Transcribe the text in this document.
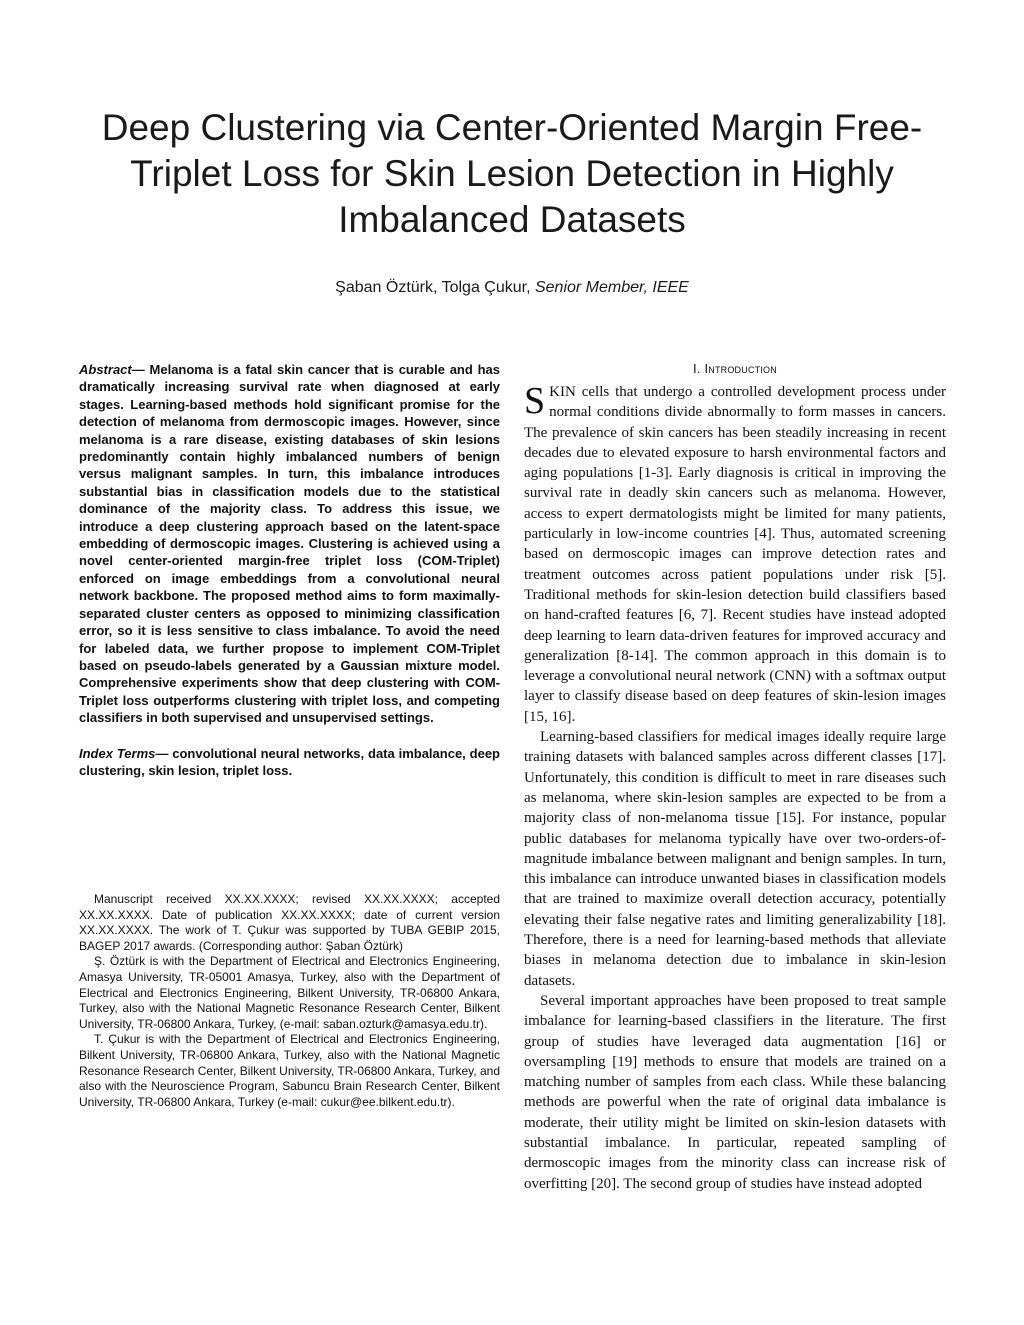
Deep Clustering via Center-Oriented Margin Free-Triplet Loss for Skin Lesion Detection in Highly Imbalanced Datasets
Şaban Öztürk, Tolga Çukur, Senior Member, IEEE

Abstract— Melanoma is a fatal skin cancer that is curable and has dramatically increasing survival rate when diagnosed at early stages. Learning-based methods hold significant promise for the detection of melanoma from dermoscopic images. However, since melanoma is a rare disease, existing databases of skin lesions predominantly contain highly imbalanced numbers of benign versus malignant samples. In turn, this imbalance introduces substantial bias in classification models due to the statistical dominance of the majority class. To address this issue, we introduce a deep clustering approach based on the latent-space embedding of dermoscopic images. Clustering is achieved using a novel center-oriented margin-free triplet loss (COM-Triplet) enforced on image embeddings from a convolutional neural network backbone. The proposed method aims to form maximally-separated cluster centers as opposed to minimizing classification error, so it is less sensitive to class imbalance. To avoid the need for labeled data, we further propose to implement COM-Triplet based on pseudo-labels generated by a Gaussian mixture model. Comprehensive experiments show that deep clustering with COM-Triplet loss outperforms clustering with triplet loss, and competing classifiers in both supervised and unsupervised settings.

Index Terms— convolutional neural networks, data imbalance, deep clustering, skin lesion, triplet loss.

Manuscript received XX.XX.XXXX; revised XX.XX.XXXX; accepted XX.XX.XXXX. Date of publication XX.XX.XXXX; date of current version XX.XX.XXXX. The work of T. Çukur was supported by TUBA GEBIP 2015, BAGEP 2017 awards. (Corresponding author: Şaban Öztürk)

Ş. Öztürk is with the Department of Electrical and Electronics Engineering, Amasya University, TR-05001 Amasya, Turkey, also with the Department of Electrical and Electronics Engineering, Bilkent University, TR-06800 Ankara, Turkey, also with the National Magnetic Resonance Research Center, Bilkent University, TR-06800 Ankara, Turkey, (e-mail: saban.ozturk@amasya.edu.tr).

T. Çukur is with the Department of Electrical and Electronics Engineering, Bilkent University, TR-06800 Ankara, Turkey, also with the National Magnetic Resonance Research Center, Bilkent University, TR-06800 Ankara, Turkey, and also with the Neuroscience Program, Sabuncu Brain Research Center, Bilkent University, TR-06800 Ankara, Turkey (e-mail: cukur@ee.bilkent.edu.tr).

I. Introduction

SKIN cells that undergo a controlled development process under normal conditions divide abnormally to form masses in cancers. The prevalence of skin cancers has been steadily increasing in recent decades due to elevated exposure to harsh environmental factors and aging populations [1-3]. Early diagnosis is critical in improving the survival rate in deadly skin cancers such as melanoma. However, access to expert dermatologists might be limited for many patients, particularly in low-income countries [4]. Thus, automated screening based on dermoscopic images can improve detection rates and treatment outcomes across patient populations under risk [5]. Traditional methods for skin-lesion detection build classifiers based on hand-crafted features [6, 7]. Recent studies have instead adopted deep learning to learn data-driven features for improved accuracy and generalization [8-14]. The common approach in this domain is to leverage a convolutional neural network (CNN) with a softmax output layer to classify disease based on deep features of skin-lesion images [15, 16].

Learning-based classifiers for medical images ideally require large training datasets with balanced samples across different classes [17]. Unfortunately, this condition is difficult to meet in rare diseases such as melanoma, where skin-lesion samples are expected to be from a majority class of non-melanoma tissue [15]. For instance, popular public databases for melanoma typically have over two-orders-of-magnitude imbalance between malignant and benign samples. In turn, this imbalance can introduce unwanted biases in classification models that are trained to maximize overall detection accuracy, potentially elevating their false negative rates and limiting generalizability [18]. Therefore, there is a need for learning-based methods that alleviate biases in melanoma detection due to imbalance in skin-lesion datasets.

Several important approaches have been proposed to treat sample imbalance for learning-based classifiers in the literature. The first group of studies have leveraged data augmentation [16] or oversampling [19] methods to ensure that models are trained on a matching number of samples from each class. While these balancing methods are powerful when the rate of original data imbalance is moderate, their utility might be limited on skin-lesion datasets with substantial imbalance. In particular, repeated sampling of dermoscopic images from the minority class can increase risk of overfitting [20]. The second group of studies have instead adopted
